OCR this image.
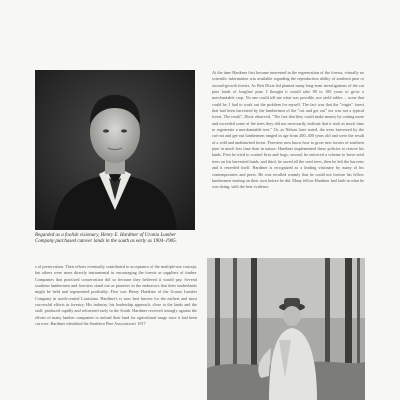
Regarded as a foolish visionary, Henry E. Hardtner of Urania Lumber Company purchased cutover lands in the south as early as 1904–1905.
At the time Hardtner first became interested in the regeneration of the forests, virtually no scientific information was available regarding the reproduction ability of southern pine or second-growth forests. As Bert Dixie led planted many long-term investigations of the cut pine lands of longleaf pine, I thought it would take 80 to 100 years to grow a merchantable crop. No one could tell me what was possible, nor yield tables ... none that could be, I had to work out the problem for myself. The fact was that the "virgin" forest that had been harvested by the lumbermen of the "cut and get out" era was not a typical forest. The result", Dixie observed, "The fact that they could make money by cutting more and exceeded some of the trees they did not necessarily indicate that it took as much time to regenerate a merchantable tree." Or, as Nelson later noted, the trees harvested by the cut-out and get-out lumbermen ranged in age from 200–300 years old and were the result of a wild and undisturbed forest. Foresters now know how to grow new forests of southern pine in much less time than in nature. Hardtner implemented these policies to restore his lands. First he tried to control fires and hogs; second, he enforced a scheme to leave seed trees on his harvested lands; and third, he saved all the seed trees, then he left the harvests and it reseeded itself. Hardtner is recognized as a leading visionary by many of his contemporaries and peers. He was recalled warmly that he could not foresee his fellow lumbermen starting on their own before he did. Many fellow Hardtner had faith in what he was doing, with the best evidence
s of preservation. Their efforts eventually contributed to acceptance of the multiple-use concept, but others were more directly instrumental in encouraging the forests as suppliers of timber. Companies that practiced conservation did so because they believed it would pay. Several southern lumbermen and foresters stand out as pioneers in the endeavors that their timberlands might be held and regenerated profitably. First was Henry Hardtner of the Urania Lumber Company in north-central Louisiana. Hardtner's is now best known for the earliest and most successful efforts in forestry. His industry, his leadership approach, close to the lands and the staff, produced rapidly and reforested early in the South. Hardtner received strongly against the efforts of many lumber companies to unload their land for agricultural usage once it had been cut over. Hardtner identified the Southern Pine Association's 1917
